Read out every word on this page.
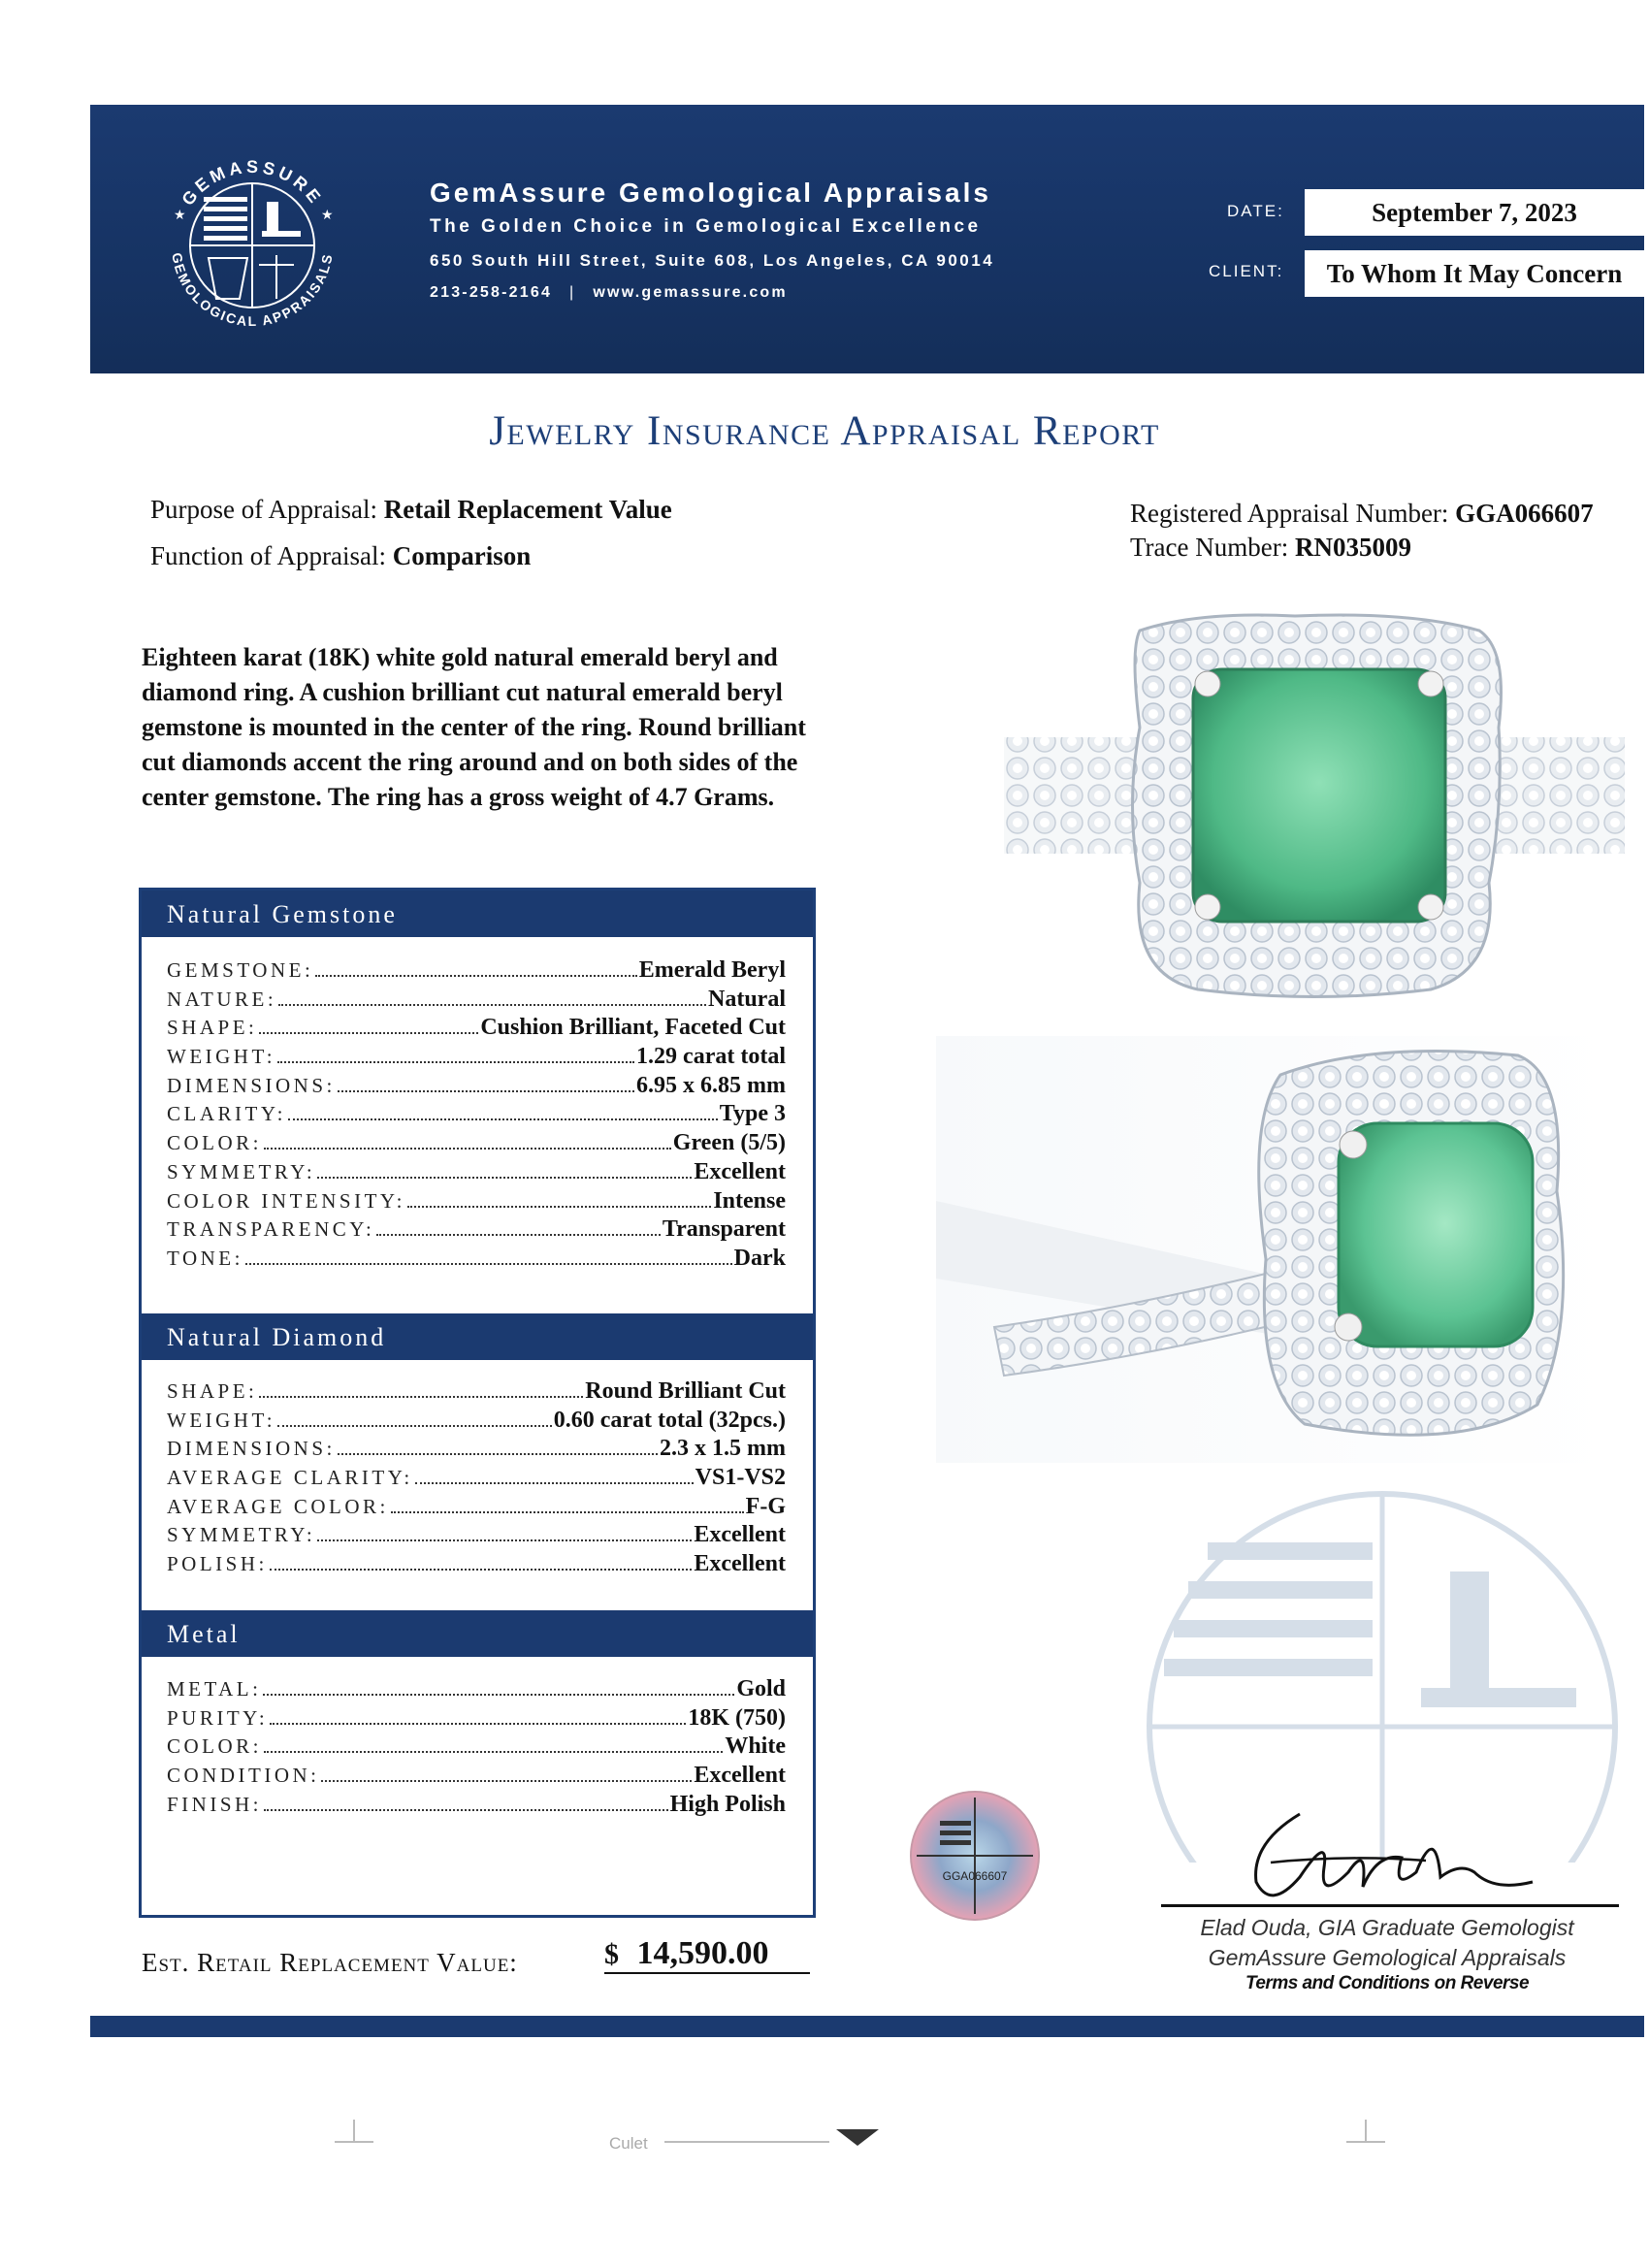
GEMASSURE
GEMOLOGICAL APPRAISALS
★	★
GemAssure Gemological Appraisals
The Golden Choice in Gemological Excellence
650 South Hill Street, Suite 608, Los Angeles, CA 90014
213-258-2164 | www.gemassure.com
DATE:	September 7, 2023
CLIENT:	To Whom It May Concern
Jewelry Insurance Appraisal Report
Purpose of Appraisal: Retail Replacement Value
Function of Appraisal: Comparison
Registered Appraisal Number: GGA066607
Trace Number: RN035009
Eighteen karat (18K) white gold natural emerald beryl and
diamond ring. A cushion brilliant cut natural emerald beryl
gemstone is mounted in the center of the ring. Round brilliant
cut diamonds accent the ring around and on both sides of the
center gemstone. The ring has a gross weight of 4.7 Grams.
Natural Gemstone
GEMSTONE:	Emerald Beryl
NATURE:	Natural
SHAPE:	Cushion Brilliant, Faceted Cut
WEIGHT:	1.29 carat total
DIMENSIONS:	6.95 x 6.85 mm
CLARITY:	Type 3
COLOR:	Green (5/5)
SYMMETRY:	Excellent
COLOR INTENSITY:	Intense
TRANSPARENCY:	Transparent
TONE:	Dark
Natural Diamond
SHAPE:	Round Brilliant Cut
WEIGHT:	0.60 carat total (32pcs.)
DIMENSIONS:	2.3 x 1.5 mm
AVERAGE CLARITY:	VS1-VS2
AVERAGE COLOR:	F-G
SYMMETRY:	Excellent
POLISH:	Excellent
Metal
METAL:	Gold
PURITY:	18K (750)
COLOR:	White
CONDITION:	Excellent
FINISH:	High Polish
GGA066607
Elad Ouda, GIA Graduate Gemologist
GemAssure Gemological Appraisals
Terms and Conditions on Reverse
Est. Retail Replacement Value:	$ 14,590.00
Culet
